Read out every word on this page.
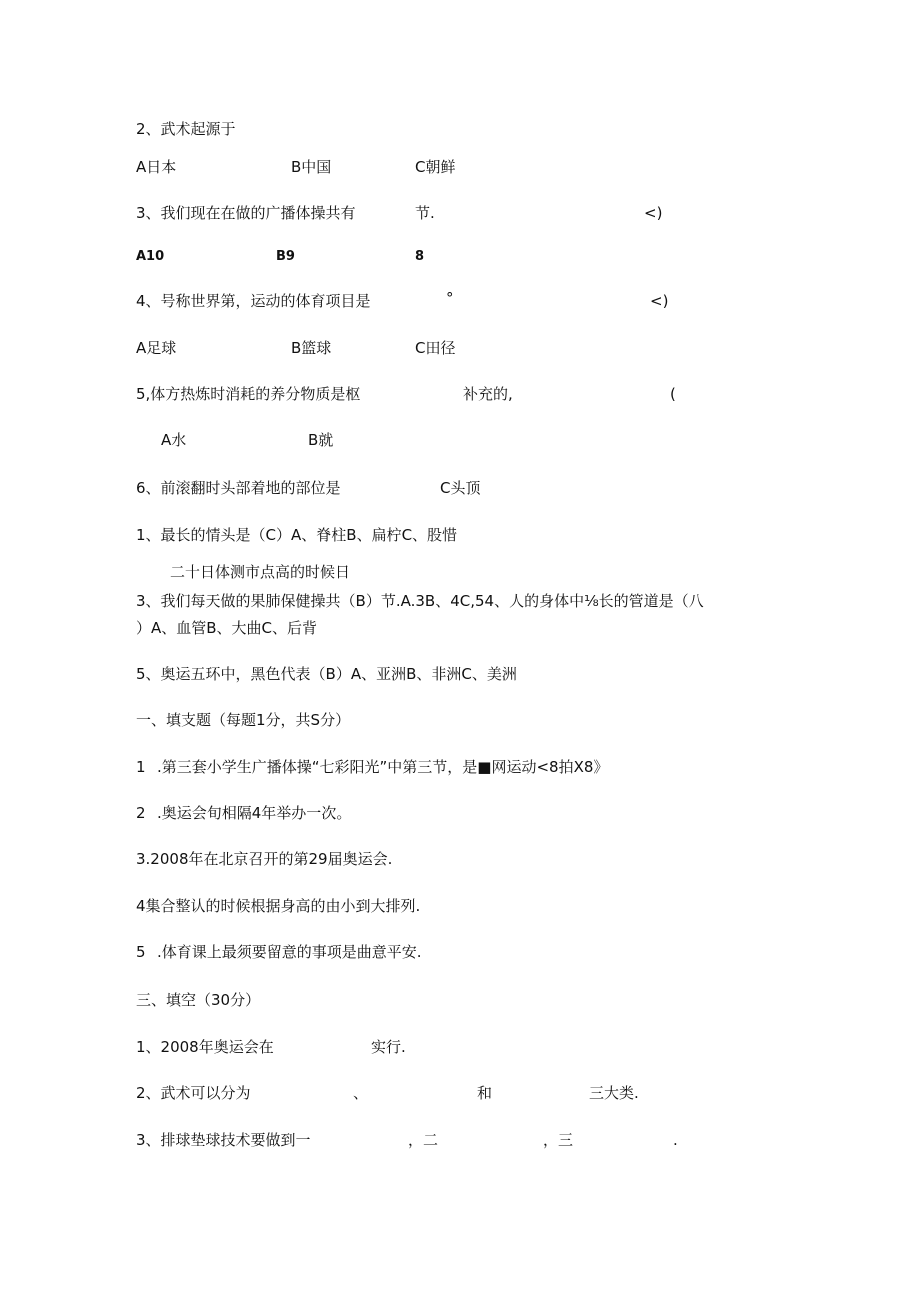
2、武术起源于
A日本	B中国	C朝鲜
3、我们现在在做的广播体操共有	节.	<)
A10	B9	8
4、号称世界第，运动的体育项目是	°	<)
A足球	B篮球	C田径
5,体方热炼时消耗的养分物质是枢	补充的,	(
A水	B就
6、前滚翻时头部着地的部位是	C头顶
1、最长的情头是（C）A、脊柱B、扁柠C、股惜
二十日体测市点高的时候日
3、我们每天做的果肺保健操共（B）节.A.3B、4C,54、人的身体中⅛长的管道是（八
）A、血管B、大曲C、后背
5、奥运五环中，黑色代表（B）A、亚洲B、非洲C、美洲
一、填支题（每题1分，共S分）
1 .第三套小学生广播体操“七彩阳光”中第三节，是■网运动<8拍X8》
2 .奥运会旬相隔4年举办一次。
3.2008年在北京召开的第29届奥运会.
4集合整认的时候根据身高的由小到大排列.
5 .体育课上最须要留意的事项是曲意平安.
三、填空（30分）
1、2008年奥运会在	实行.
2、武术可以分为	、	和	三大类.
3、排球垫球技术要做到一	，二	，三	.
